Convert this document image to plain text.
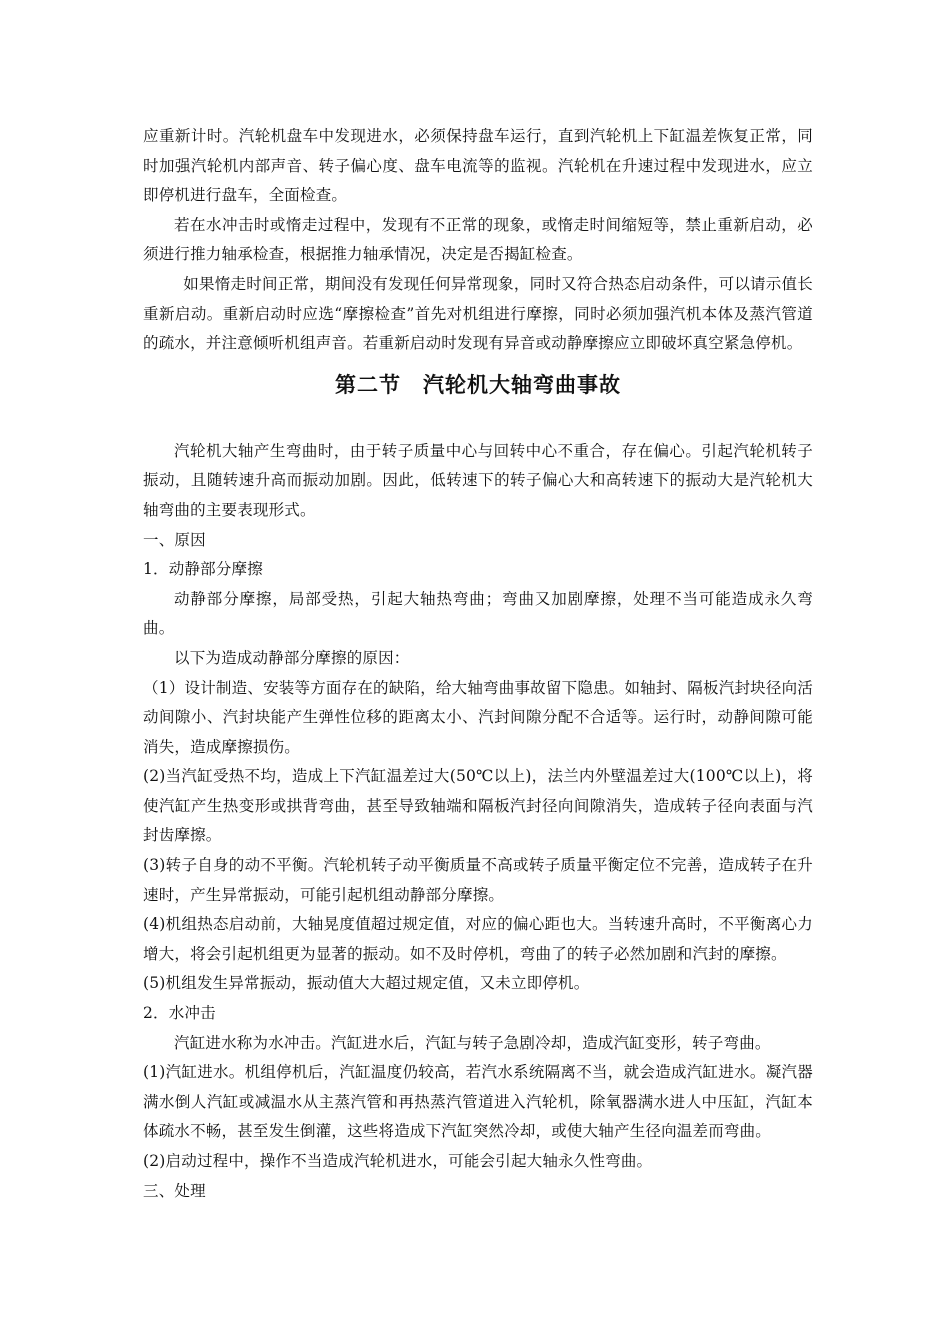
应重新计时。汽轮机盘车中发现进水，必须保持盘车运行，直到汽轮机上下缸温差恢复正常，同时加强汽轮机内部声音、转子偏心度、盘车电流等的监视。汽轮机在升速过程中发现进水，应立即停机进行盘车，全面检查。

若在水冲击时或惰走过程中，发现有不正常的现象，或惰走时间缩短等，禁止重新启动，必须进行推力轴承检查，根据推力轴承情况，决定是否揭缸检查。

如果惰走时间正常，期间没有发现任何异常现象，同时又符合热态启动条件，可以请示值长重新启动。重新启动时应选“摩擦检查”首先对机组进行摩擦，同时必须加强汽机本体及蒸汽管道的疏水，并注意倾听机组声音。若重新启动时发现有异音或动静摩擦应立即破坏真空紧急停机。

第二节 汽轮机大轴弯曲事故

汽轮机大轴产生弯曲时，由于转子质量中心与回转中心不重合，存在偏心。引起汽轮机转子振动，且随转速升高而振动加剧。因此，低转速下的转子偏心大和高转速下的振动大是汽轮机大轴弯曲的主要表现形式。

一、原因

1．动静部分摩擦

动静部分摩擦，局部受热，引起大轴热弯曲；弯曲又加剧摩擦，处理不当可能造成永久弯曲。

以下为造成动静部分摩擦的原因：

（1）设计制造、安装等方面存在的缺陷，给大轴弯曲事故留下隐患。如轴封、隔板汽封块径向活动间隙小、汽封块能产生弹性位移的距离太小、汽封间隙分配不合适等。运行时，动静间隙可能消失，造成摩擦损伤。

(2)当汽缸受热不均，造成上下汽缸温差过大(50℃以上)，法兰内外壁温差过大(100℃以上)，将使汽缸产生热变形或拱背弯曲，甚至导致轴端和隔板汽封径向间隙消失，造成转子径向表面与汽封齿摩擦。

(3)转子自身的动不平衡。汽轮机转子动平衡质量不高或转子质量平衡定位不完善，造成转子在升速时，产生异常振动，可能引起机组动静部分摩擦。

(4)机组热态启动前，大轴晃度值超过规定值，对应的偏心距也大。当转速升高时，不平衡离心力增大，将会引起机组更为显著的振动。如不及时停机，弯曲了的转子必然加剧和汽封的摩擦。

(5)机组发生异常振动，振动值大大超过规定值，又未立即停机。

2．水冲击

汽缸进水称为水冲击。汽缸进水后，汽缸与转子急剧冷却，造成汽缸变形，转子弯曲。

(1)汽缸进水。机组停机后，汽缸温度仍较高，若汽水系统隔离不当，就会造成汽缸进水。凝汽器满水倒人汽缸或减温水从主蒸汽管和再热蒸汽管道进入汽轮机，除氧器满水进人中压缸，汽缸本体疏水不畅，甚至发生倒灌，这些将造成下汽缸突然冷却，或使大轴产生径向温差而弯曲。

(2)启动过程中，操作不当造成汽轮机进水，可能会引起大轴永久性弯曲。

三、处理
